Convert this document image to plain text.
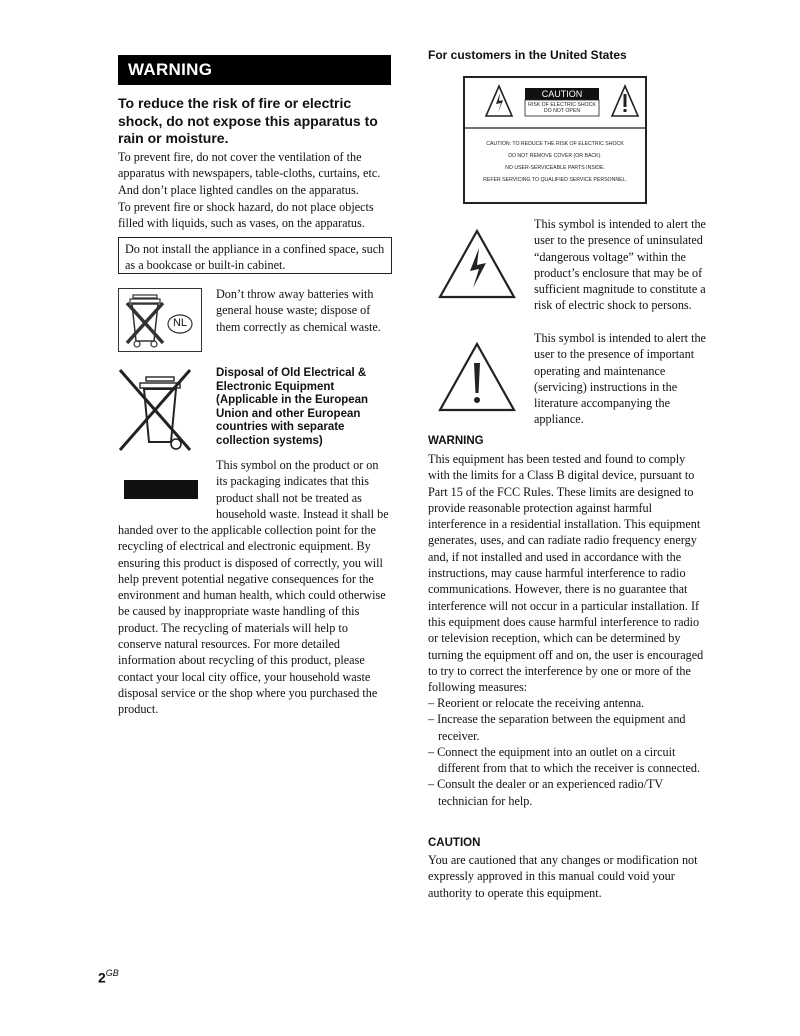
WARNING
To reduce the risk of fire or electric shock, do not expose this apparatus to rain or moisture.
To prevent fire, do not cover the ventilation of the apparatus with newspapers, table-cloths, curtains, etc. And don’t place lighted candles on the apparatus.
To prevent fire or shock hazard, do not place objects filled with liquids, such as vases, on the apparatus.
Do not install the appliance in a confined space, such as a bookcase or built-in cabinet.
NL
Don’t throw away batteries with general house waste; dispose of them correctly as chemical waste.
Disposal of Old Electrical & Electronic Equipment (Applicable in the European Union and other European countries with separate collection systems)
This symbol on the product or on
its packaging indicates that this
product shall not be treated as
household waste. Instead it shall be
handed over to the applicable collection point for the
recycling of electrical and electronic equipment. By
ensuring this product is disposed of correctly, you will
help prevent potential negative consequences for the
environment and human health, which could otherwise
be caused by inappropriate waste handling of this
product. The recycling of materials will help to
conserve natural resources. For more detailed
information about recycling of this product, please
contact your local city office, your household waste
disposal service or the shop where you purchased the
product.
For customers in the United States
CAUTION
RISK OF ELECTRIC SHOCK
DO NOT OPEN
CAUTION: TO REDUCE THE RISK OF ELECTRIC SHOCK
DO NOT REMOVE COVER (OR BACK).
NO USER-SERVICEABLE PARTS INSIDE.
REFER SERVICING TO QUALIFIED SERVICE PERSONNEL.
This symbol is intended to alert the user to the presence of uninsulated “dangerous voltage” within the product’s enclosure that may be of sufficient magnitude to constitute a risk of electric shock to persons.
This symbol is intended to alert the user to the presence of important operating and maintenance (servicing) instructions in the literature accompanying the appliance.
WARNING
This equipment has been tested and found to comply with the limits for a Class B digital device, pursuant to Part 15 of the FCC Rules. These limits are designed to provide reasonable protection against harmful interference in a residential installation. This equipment generates, uses, and can radiate radio frequency energy and, if not installed and used in accordance with the instructions, may cause harmful interference to radio communications. However, there is no guarantee that interference will not occur in a particular installation. If this equipment does cause harmful interference to radio or television reception, which can be determined by turning the equipment off and on, the user is encouraged to try to correct the interference by one or more of the following measures:
– Reorient or relocate the receiving antenna.
– Increase the separation between the equipment and receiver.
– Connect the equipment into an outlet on a circuit different from that to which the receiver is connected.
– Consult the dealer or an experienced radio/TV technician for help.
CAUTION
You are cautioned that any changes or modification not expressly approved in this manual could void your authority to operate this equipment.
$2^{GB}$
